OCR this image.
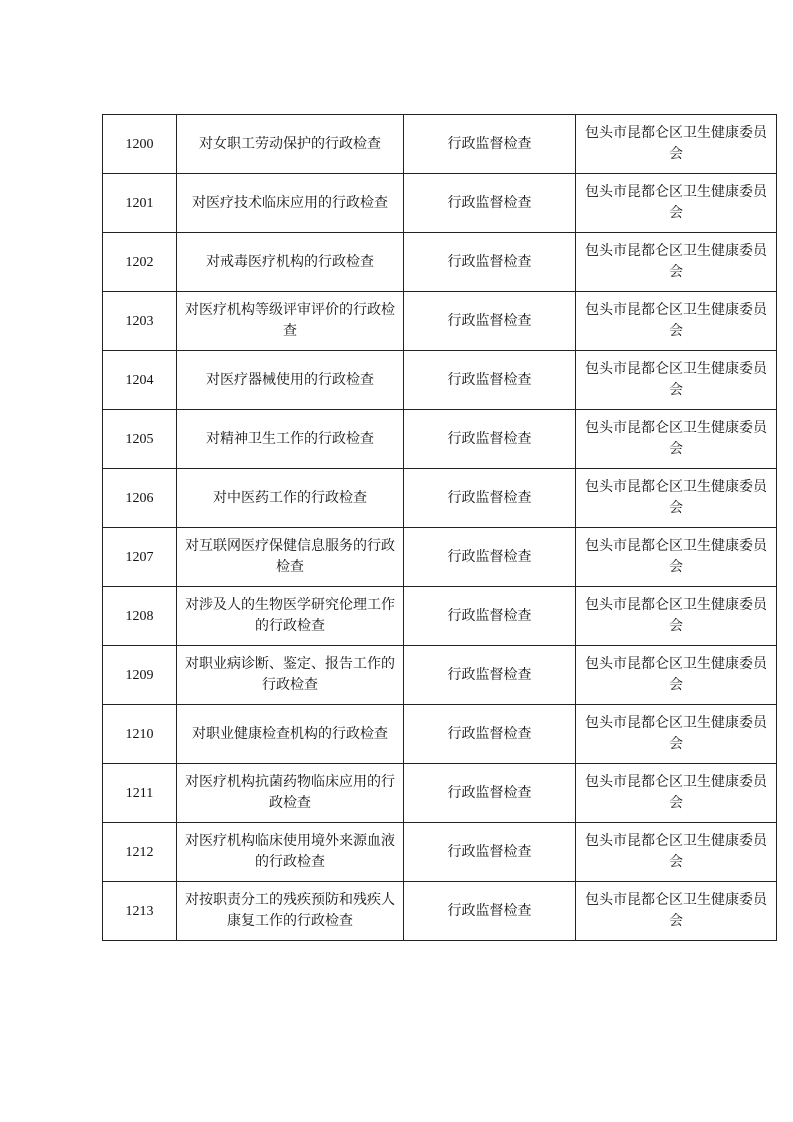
1200	对女职工劳动保护的行政检查	行政监督检查	包头市昆都仑区卫生健康委员会
1201	对医疗技术临床应用的行政检查	行政监督检查	包头市昆都仑区卫生健康委员会
1202	对戒毒医疗机构的行政检查	行政监督检查	包头市昆都仑区卫生健康委员会
1203	对医疗机构等级评审评价的行政检查	行政监督检查	包头市昆都仑区卫生健康委员会
1204	对医疗器械使用的行政检查	行政监督检查	包头市昆都仑区卫生健康委员会
1205	对精神卫生工作的行政检查	行政监督检查	包头市昆都仑区卫生健康委员会
1206	对中医药工作的行政检查	行政监督检查	包头市昆都仑区卫生健康委员会
1207	对互联网医疗保健信息服务的行政检查	行政监督检查	包头市昆都仑区卫生健康委员会
1208	对涉及人的生物医学研究伦理工作的行政检查	行政监督检查	包头市昆都仑区卫生健康委员会
1209	对职业病诊断、鉴定、报告工作的行政检查	行政监督检查	包头市昆都仑区卫生健康委员会
1210	对职业健康检查机构的行政检查	行政监督检查	包头市昆都仑区卫生健康委员会
1211	对医疗机构抗菌药物临床应用的行政检查	行政监督检查	包头市昆都仑区卫生健康委员会
1212	对医疗机构临床使用境外来源血液的行政检查	行政监督检查	包头市昆都仑区卫生健康委员会
1213	对按职责分工的残疾预防和残疾人康复工作的行政检查	行政监督检查	包头市昆都仑区卫生健康委员会
